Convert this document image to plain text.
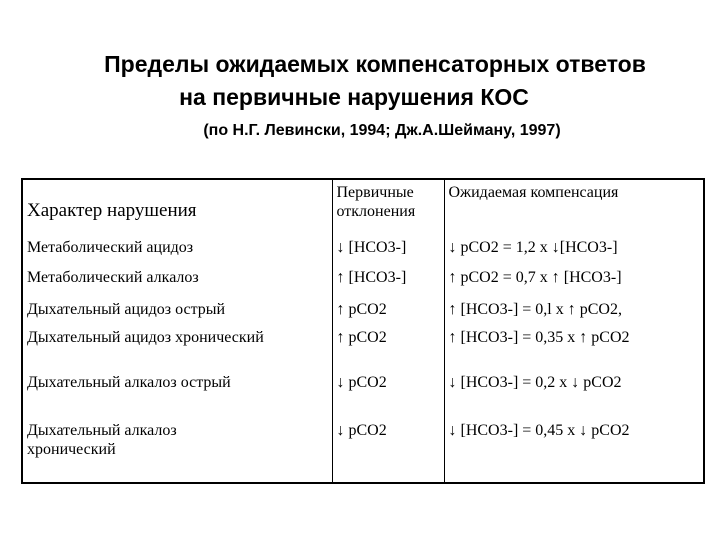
Пределы ожидаемых компенсаторных ответов
на первичные нарушения КОС

(по Н.Г. Левински, 1994; Дж.А.Шейману, 1997)

Характер нарушения	Первичные отклонения	Ожидаемая компенсация
Метаболический ацидоз	↓ [HCO3-]	↓ pCO2 = 1,2 x ↓[HCO3-]
Метаболический алкалоз	↑ [HCO3-]	↑ pCO2 = 0,7 x ↑ [HCO3-]
Дыхательный ацидоз острый	↑ pCO2	↑ [HCO3-] = 0,l x ↑ pCO2,
Дыхательный ацидоз хронический	↑ pCO2	↑ [HCO3-] = 0,35 x ↑ pCO2
Дыхательный алкалоз острый	↓ pCO2	↓ [HCO3-] = 0,2 x ↓ pCO2

Дыхательный алкалоз хронический	↓ pCO2	↓ [HCO3-] = 0,45 x ↓ pCO2
